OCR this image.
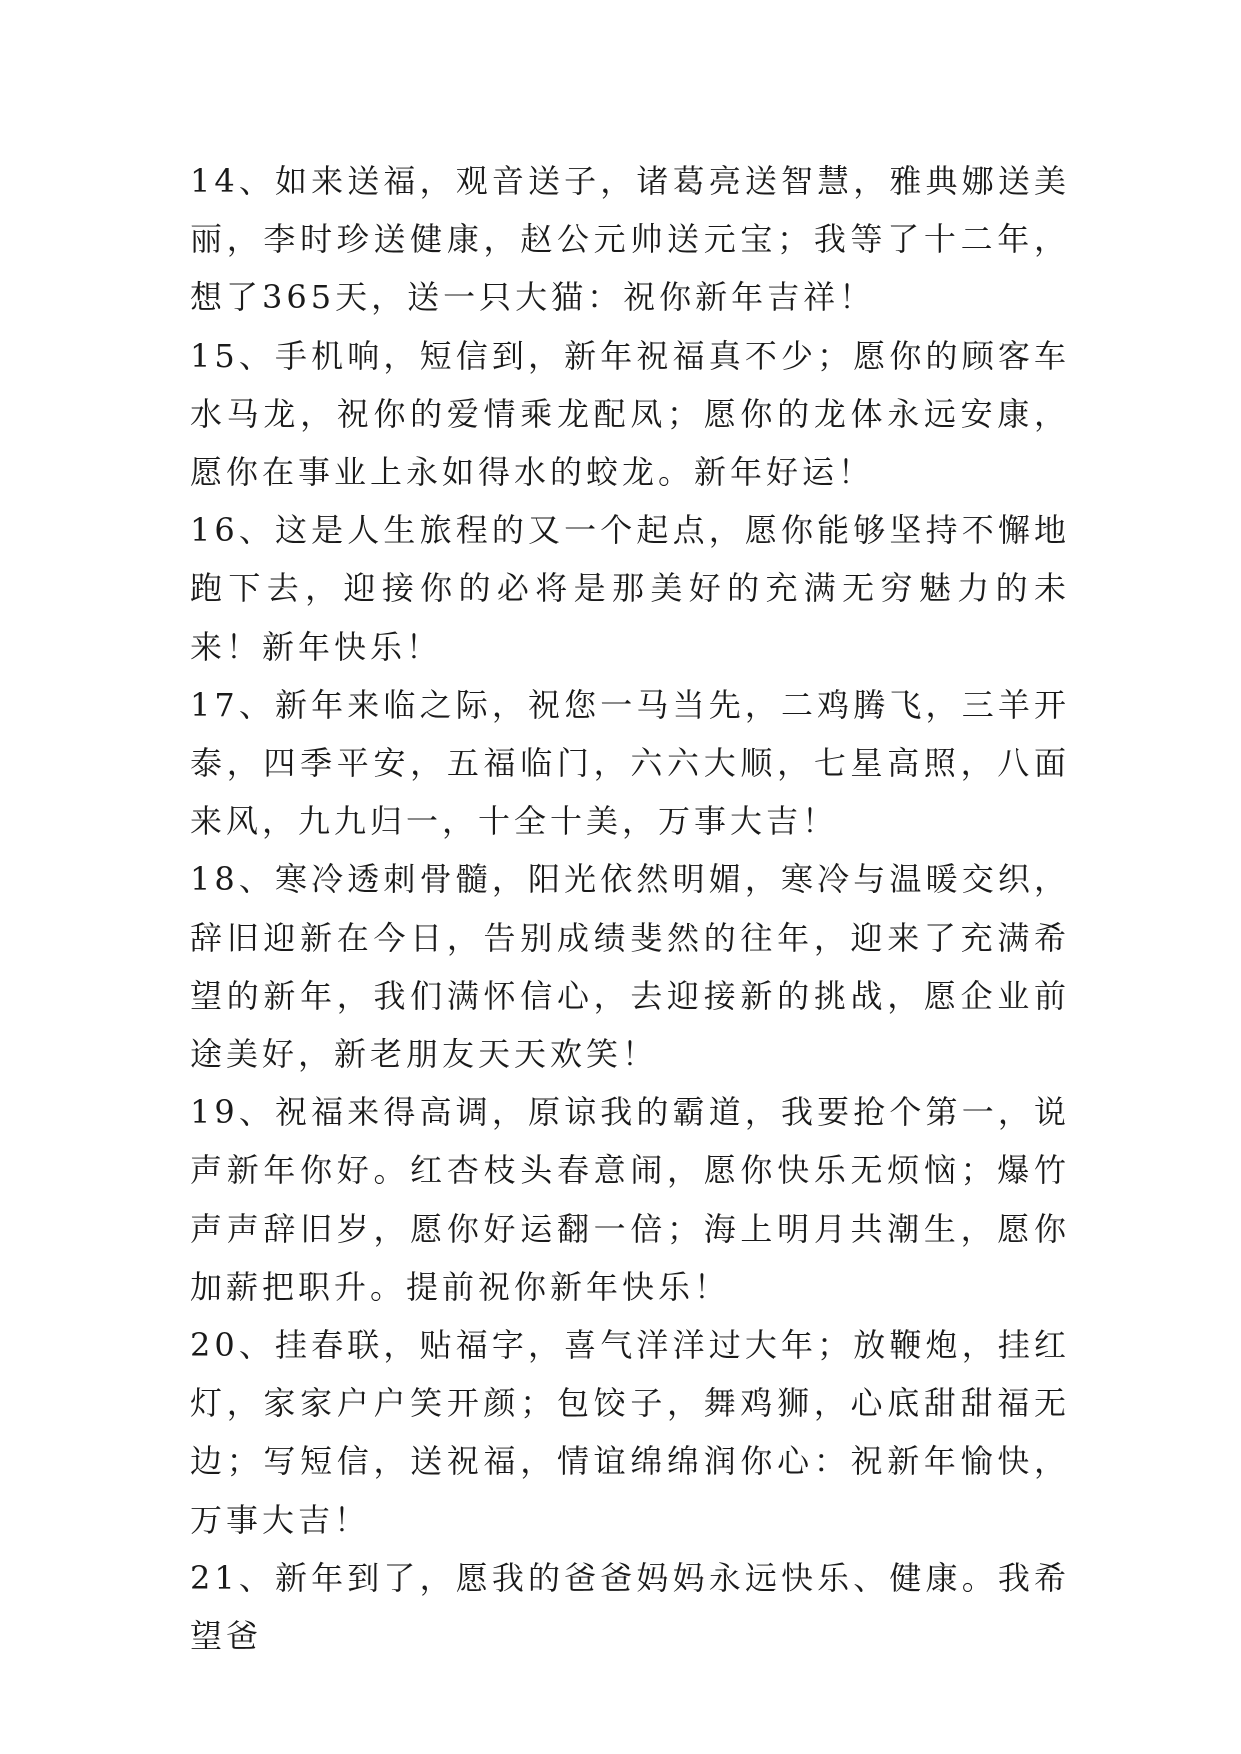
14、如来送福，观音送子，诸葛亮送智慧，雅典娜送美丽，李时珍送健康，赵公元帅送元宝；我等了十二年，想了365天，送一只大猫：祝你新年吉祥！

15、手机响，短信到，新年祝福真不少；愿你的顾客车水马龙，祝你的爱情乘龙配凤；愿你的龙体永远安康，愿你在事业上永如得水的蛟龙。新年好运！

16、这是人生旅程的又一个起点，愿你能够坚持不懈地跑下去，迎接你的必将是那美好的充满无穷魅力的未来！新年快乐！

17、新年来临之际，祝您一马当先，二鸡腾飞，三羊开泰，四季平安，五福临门，六六大顺，七星高照，八面来风，九九归一，十全十美，万事大吉！

18、寒冷透刺骨髓，阳光依然明媚，寒冷与温暖交织，辞旧迎新在今日，告别成绩斐然的往年，迎来了充满希望的新年，我们满怀信心，去迎接新的挑战，愿企业前途美好，新老朋友天天欢笑！

19、祝福来得高调，原谅我的霸道，我要抢个第一，说声新年你好。红杏枝头春意闹，愿你快乐无烦恼；爆竹声声辞旧岁，愿你好运翻一倍；海上明月共潮生，愿你加薪把职升。提前祝你新年快乐！

20、挂春联，贴福字，喜气洋洋过大年；放鞭炮，挂红灯，家家户户笑开颜；包饺子，舞鸡狮，心底甜甜福无边；写短信，送祝福，情谊绵绵润你心：祝新年愉快，万事大吉！

21、新年到了，愿我的爸爸妈妈永远快乐、健康。我希望爸
